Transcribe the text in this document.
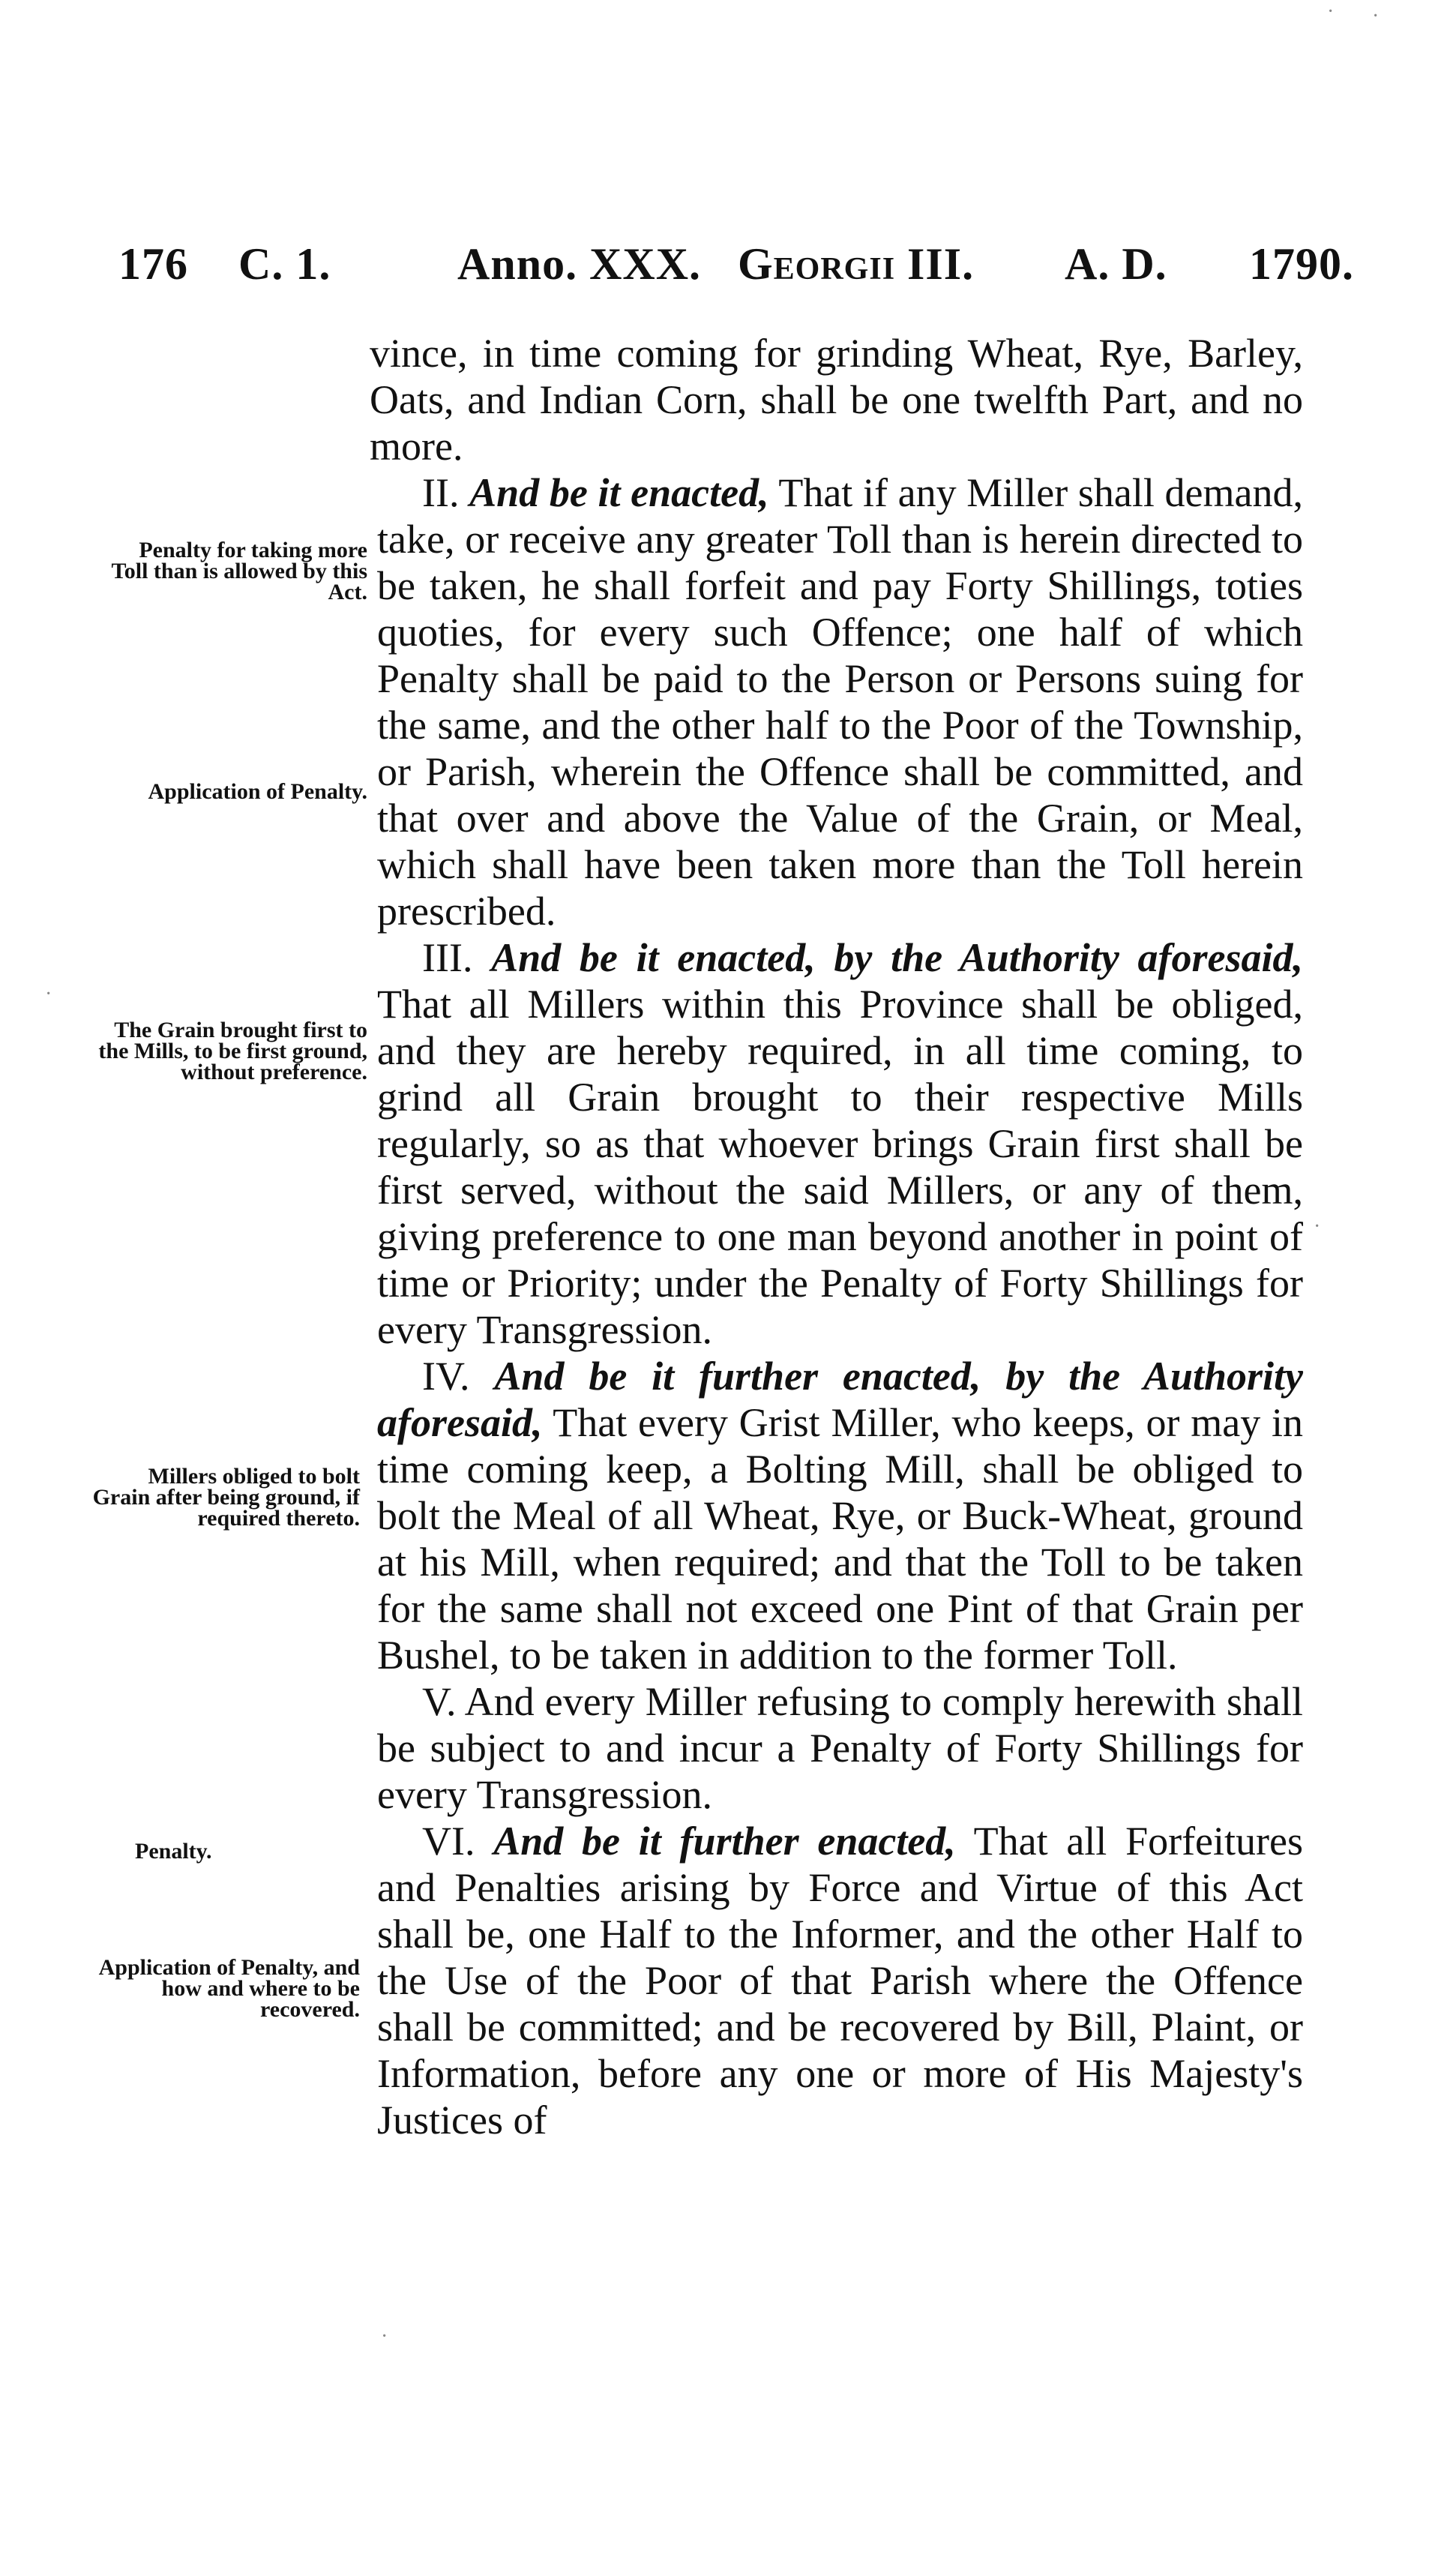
176 C. 1.	Anno. XXX. Georgii III. A. D. 1790.

vince, in time coming for grinding Wheat, Rye, Barley, Oats, and Indian Corn, shall be one twelfth Part, and no more.

II. And be it enacted, That if any Miller shall demand, take, or receive any greater Toll than is herein directed to be taken, he shall forfeit and pay Forty Shillings, toties quoties, for every such Offence; one half of which Penalty shall be paid to the Person or Persons suing for the same, and the other half to the Poor of the Township, or Parish, wherein the Offence shall be committed, and that over and above the Value of the Grain, or Meal, which shall have been taken more than the Toll herein prescribed.

III. And be it enacted, by the Authority aforesaid, That all Millers within this Province shall be obliged, and they are hereby required, in all time coming, to grind all Grain brought to their respective Mills regularly, so as that whoever brings Grain first shall be first served, without the said Millers, or any of them, giving preference to one man beyond another in point of time or Priority; under the Penalty of Forty Shillings for every Transgression.

IV. And be it further enacted, by the Authority aforesaid, That every Grist Miller, who keeps, or may in time coming keep, a Bolting Mill, shall be obliged to bolt the Meal of all Wheat, Rye, or Buck-Wheat, ground at his Mill, when required; and that the Toll to be taken for the same shall not exceed one Pint of that Grain per Bushel, to be taken in addition to the former Toll.

V. And every Miller refusing to comply herewith shall be subject to and incur a Penalty of Forty Shillings for every Transgression.

VI. And be it further enacted, That all Forfeitures and Penalties arising by Force and Virtue of this Act shall be, one Half to the Informer, and the other Half to the Use of the Poor of that Parish where the Offence shall be committed; and be recovered by Bill, Plaint, or Information, before any one or more of His Majesty's Justices of

Penalty for taking more Toll than is allowed by this Act.
Application of Penalty.
The Grain brought first to the Mills, to be first ground, without preference.
Millers obliged to bolt Grain after being ground, if required thereto.
Penalty.
Application of Penalty, and how and where to be recovered.
· ·
·
·
·
